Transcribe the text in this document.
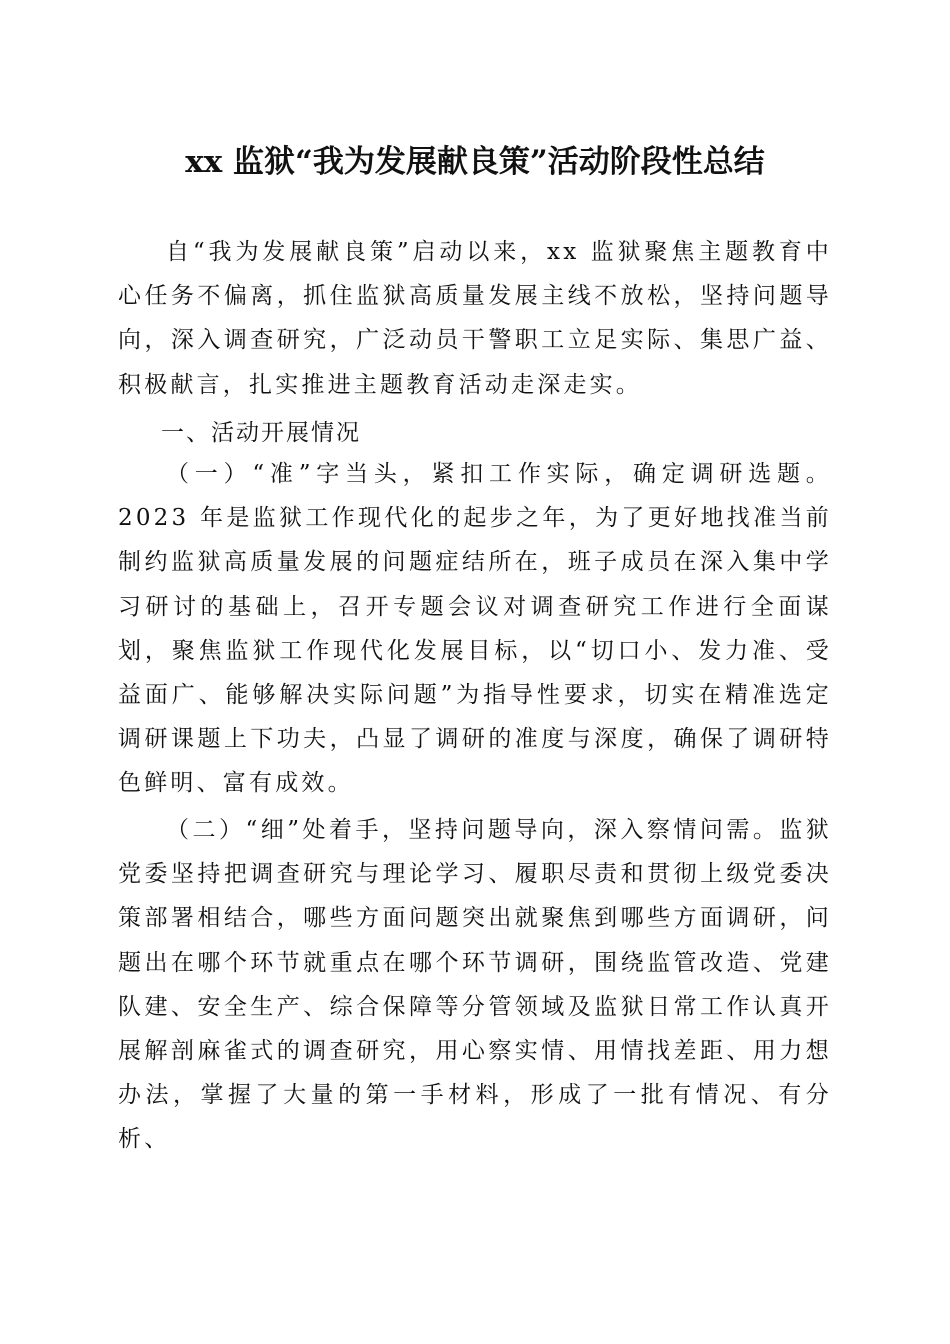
xx 监狱“我为发展献良策”活动阶段性总结

自“我为发展献良策”启动以来，xx 监狱聚焦主题教育中心任务不偏离，抓住监狱高质量发展主线不放松，坚持问题导向，深入调查研究，广泛动员干警职工立足实际、集思广益、积极献言，扎实推进主题教育活动走深走实。

一、活动开展情况

（一）“准”字当头，紧扣工作实际，确定调研选题。2023 年是监狱工作现代化的起步之年，为了更好地找准当前制约监狱高质量发展的问题症结所在，班子成员在深入集中学习研讨的基础上，召开专题会议对调查研究工作进行全面谋划，聚焦监狱工作现代化发展目标，以“切口小、发力准、受益面广、能够解决实际问题”为指导性要求，切实在精准选定调研课题上下功夫，凸显了调研的准度与深度，确保了调研特色鲜明、富有成效。

（二）“细”处着手，坚持问题导向，深入察情问需。监狱党委坚持把调查研究与理论学习、履职尽责和贯彻上级党委决策部署相结合，哪些方面问题突出就聚焦到哪些方面调研，问题出在哪个环节就重点在哪个环节调研，围绕监管改造、党建队建、安全生产、综合保障等分管领域及监狱日常工作认真开展解剖麻雀式的调查研究，用心察实情、用情找差距、用力想办法，掌握了大量的第一手材料，形成了一批有情况、有分析、
